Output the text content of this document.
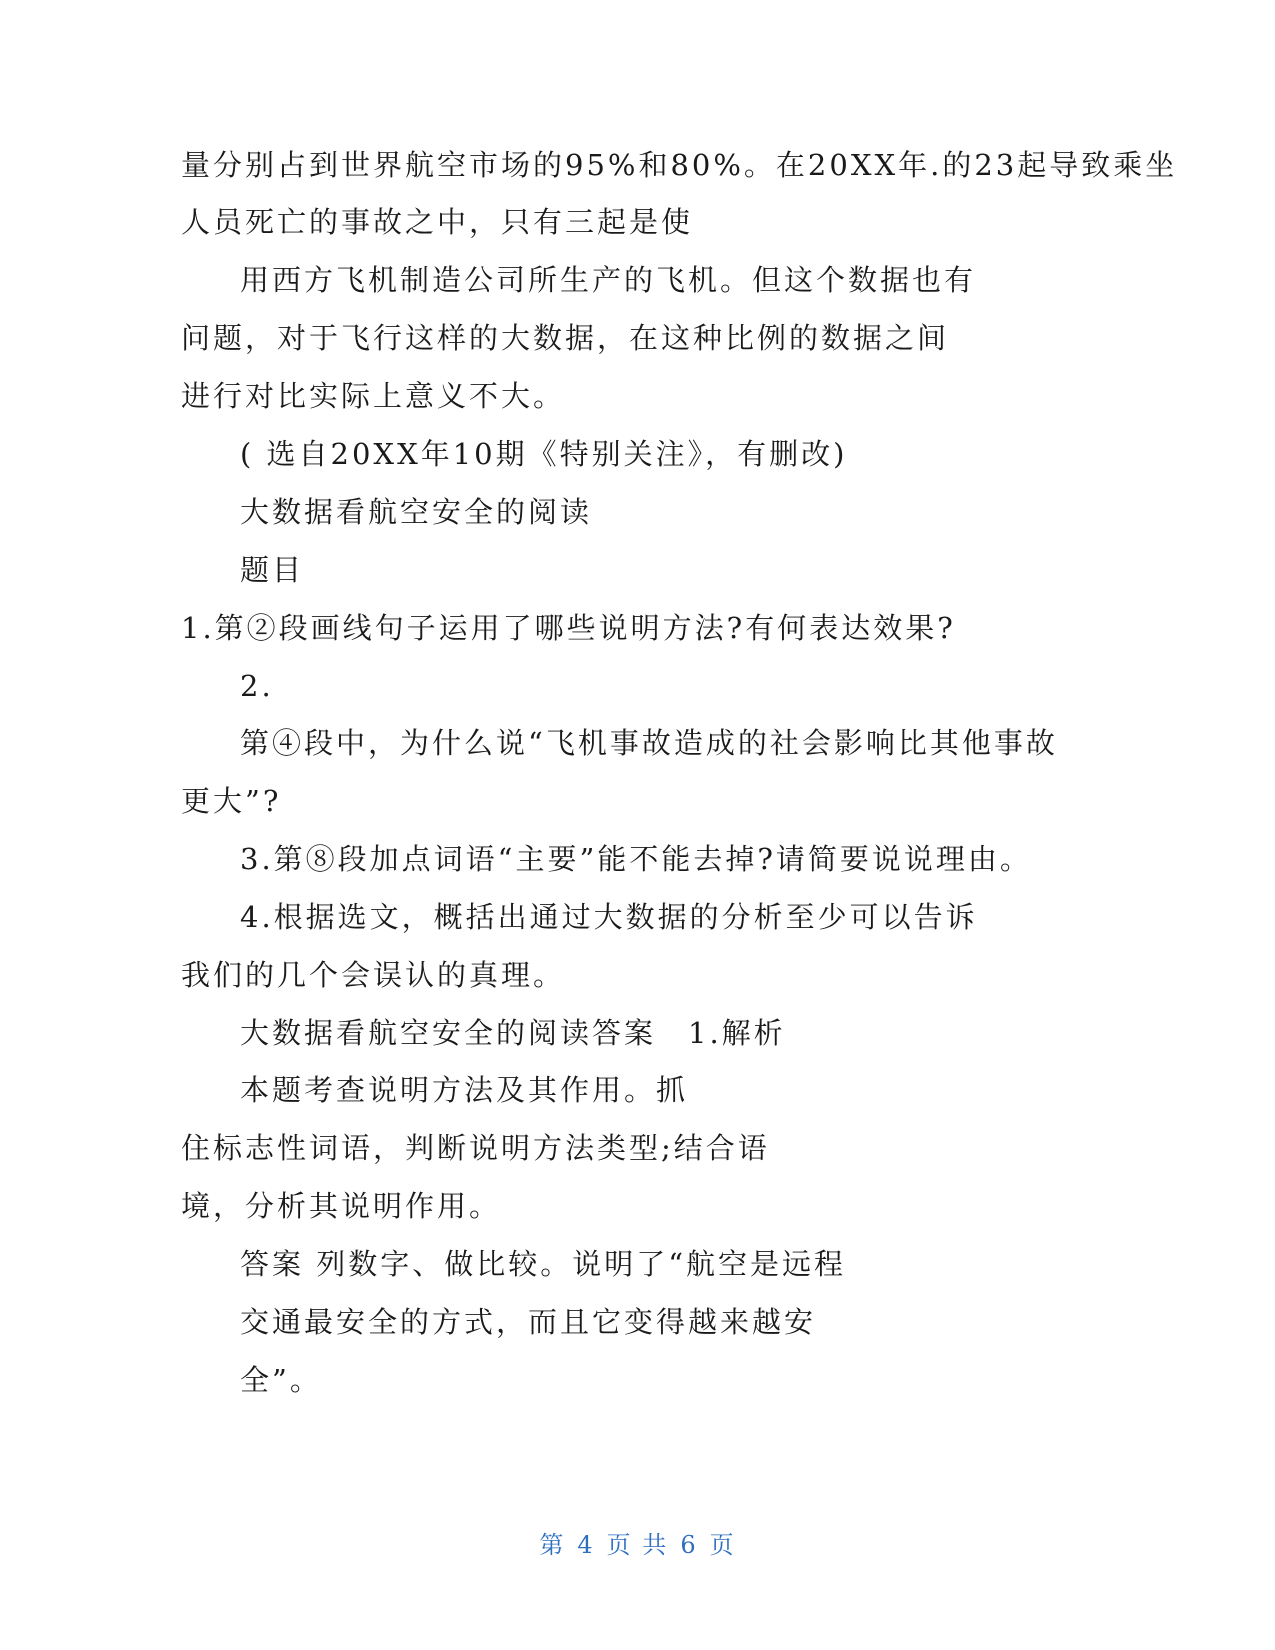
量分别占到世界航空市场的95%和80%。在20XX年.的23起导致乘坐
人员死亡的事故之中，只有三起是使
用西方飞机制造公司所生产的飞机。但这个数据也有
问题，对于飞行这样的大数据，在这种比例的数据之间
进行对比实际上意义不大。
( 选自20XX年10期《特别关注》，有删改)
大数据看航空安全的阅读
题目
1.第②段画线句子运用了哪些说明方法?有何表达效果?
2.
第④段中，为什么说“飞机事故造成的社会影响比其他事故
更大”?
3.第⑧段加点词语“主要”能不能去掉?请简要说说理由。
4.根据选文，概括出通过大数据的分析至少可以告诉
我们的几个会误认的真理。
大数据看航空安全的阅读答案　1.解析
本题考查说明方法及其作用。抓
住标志性词语，判断说明方法类型;结合语
境，分析其说明作用。
答案 列数字、做比较。说明了“航空是远程
交通最安全的方式，而且它变得越来越安
全”。
第 4 页 共 6 页
